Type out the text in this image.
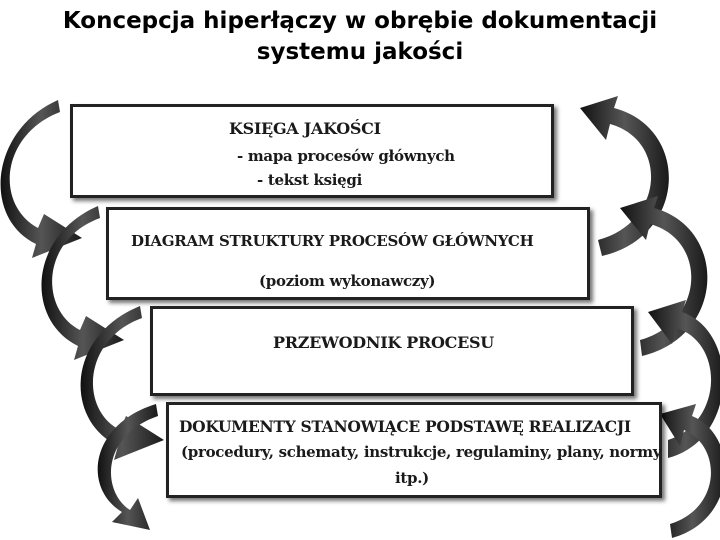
Koncepcja hiperłączy w obrębie dokumentacji
systemu jakości
KSIĘGA JAKOŚCI
- mapa procesów głównych
- tekst księgi
DIAGRAM STRUKTURY PROCESÓW GŁÓWNYCH
(poziom wykonawczy)
PRZEWODNIK PROCESU
DOKUMENTY STANOWIĄCE PODSTAWĘ REALIZACJI
(procedury, schematy, instrukcje, regulaminy, plany, normy
itp.)
